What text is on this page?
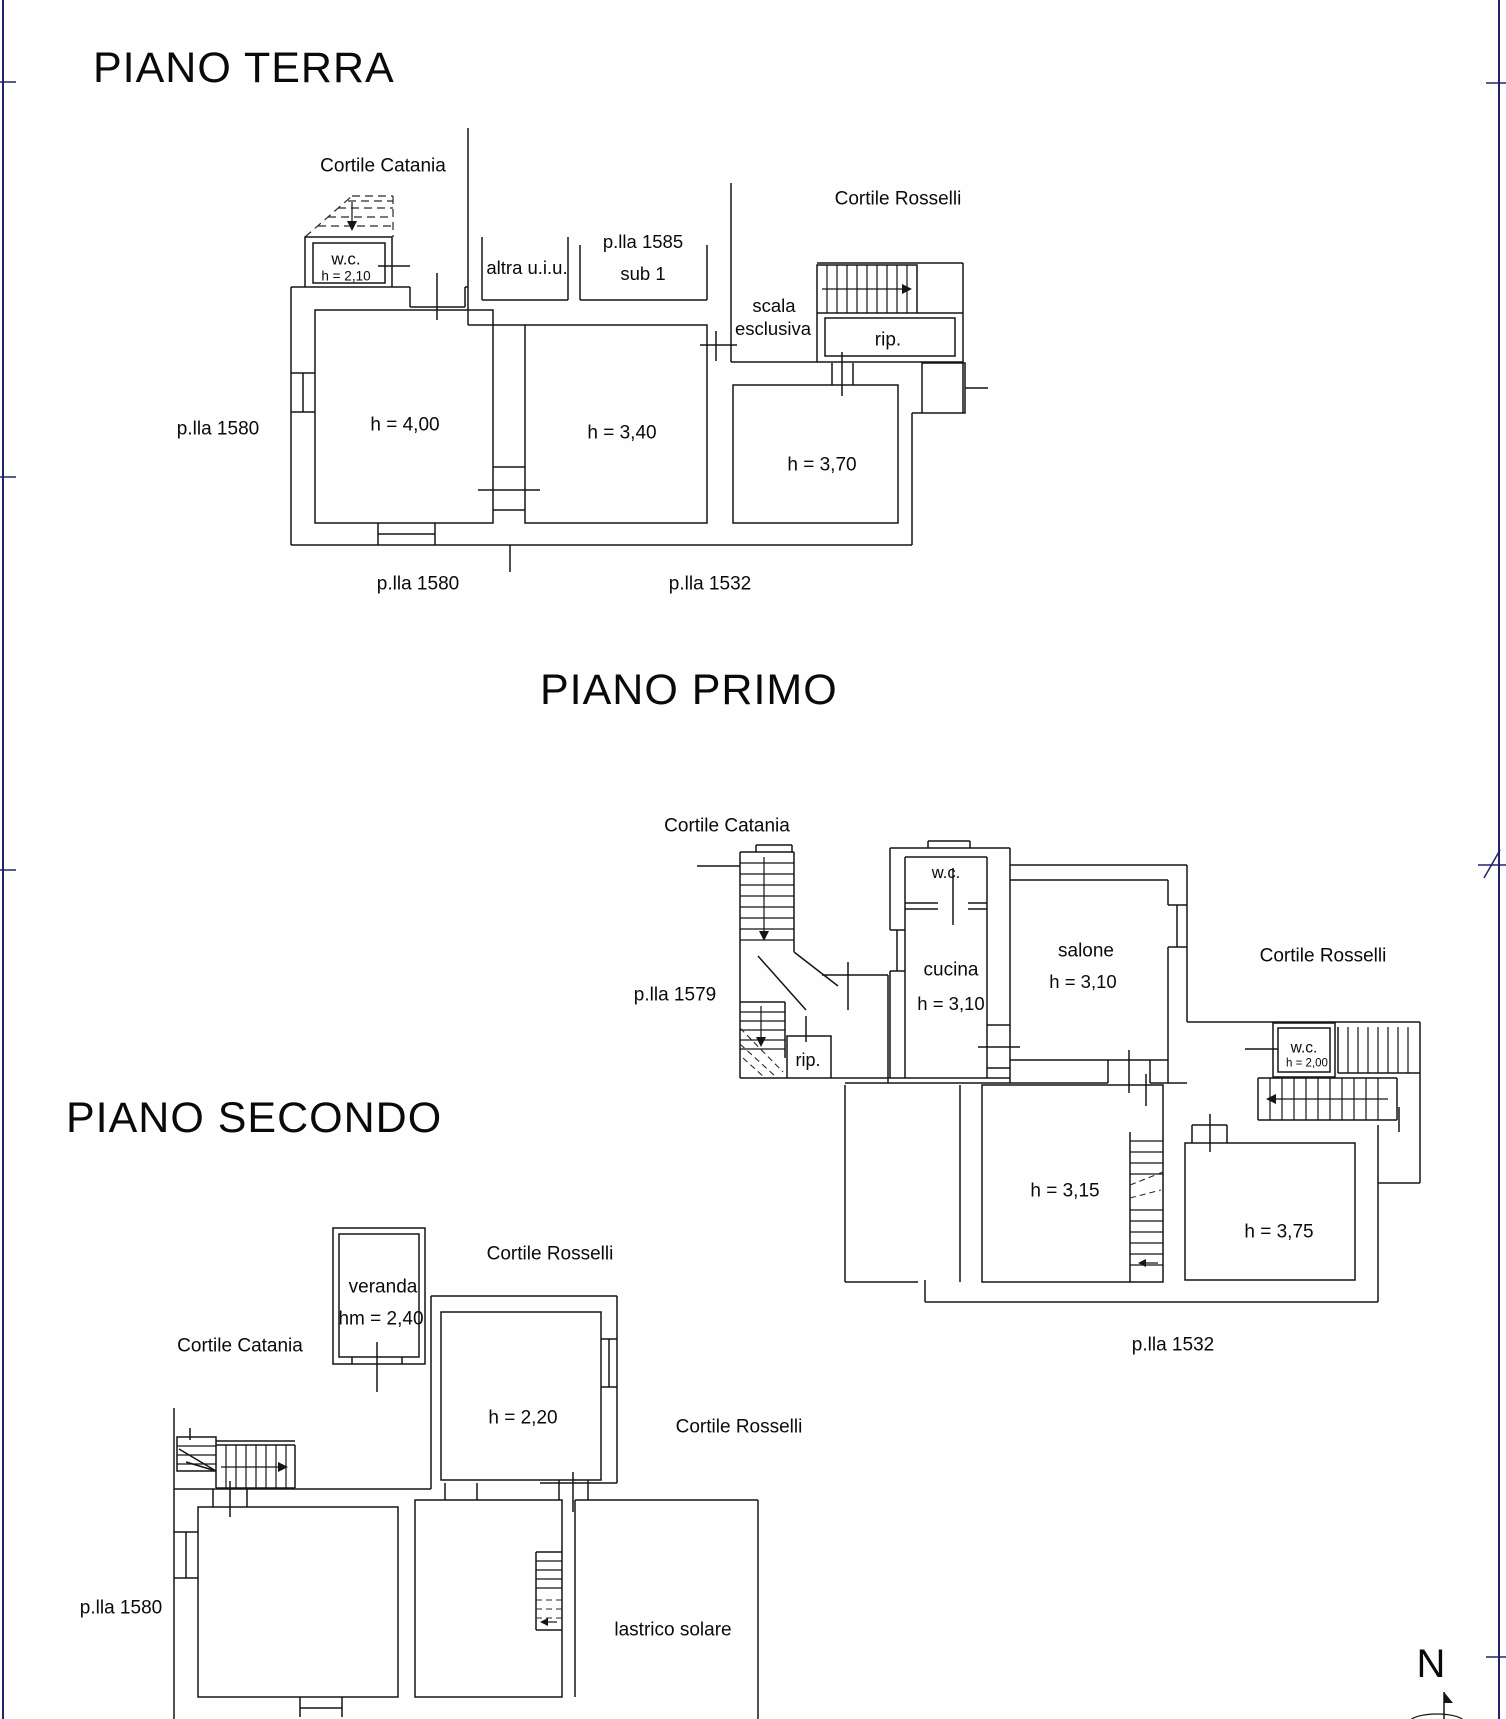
PIANO TERRA
Cortile Catania
w.c.
h = 2,10	altra u.i.u.
p.lla 1585
sub 1
Cortile Rosselli
scala
esclusiva
rip.
h = 4,00	h = 3,40
h = 3,70
p.lla 1580
p.lla 1580	p.lla 1532
PIANO PRIMO
Cortile Catania
w.c.
p.lla 1579
rip.
cucina
h = 3,10
salone
h = 3,10
Cortile Rosselli
w.c.
h = 2,00
h = 3,15
h = 3,75
p.lla 1532
PIANO SECONDO
veranda
hm = 2,40
Cortile Rosselli
Cortile Catania
h = 2,20	Cortile Rosselli
p.lla 1580
lastrico solare
N
